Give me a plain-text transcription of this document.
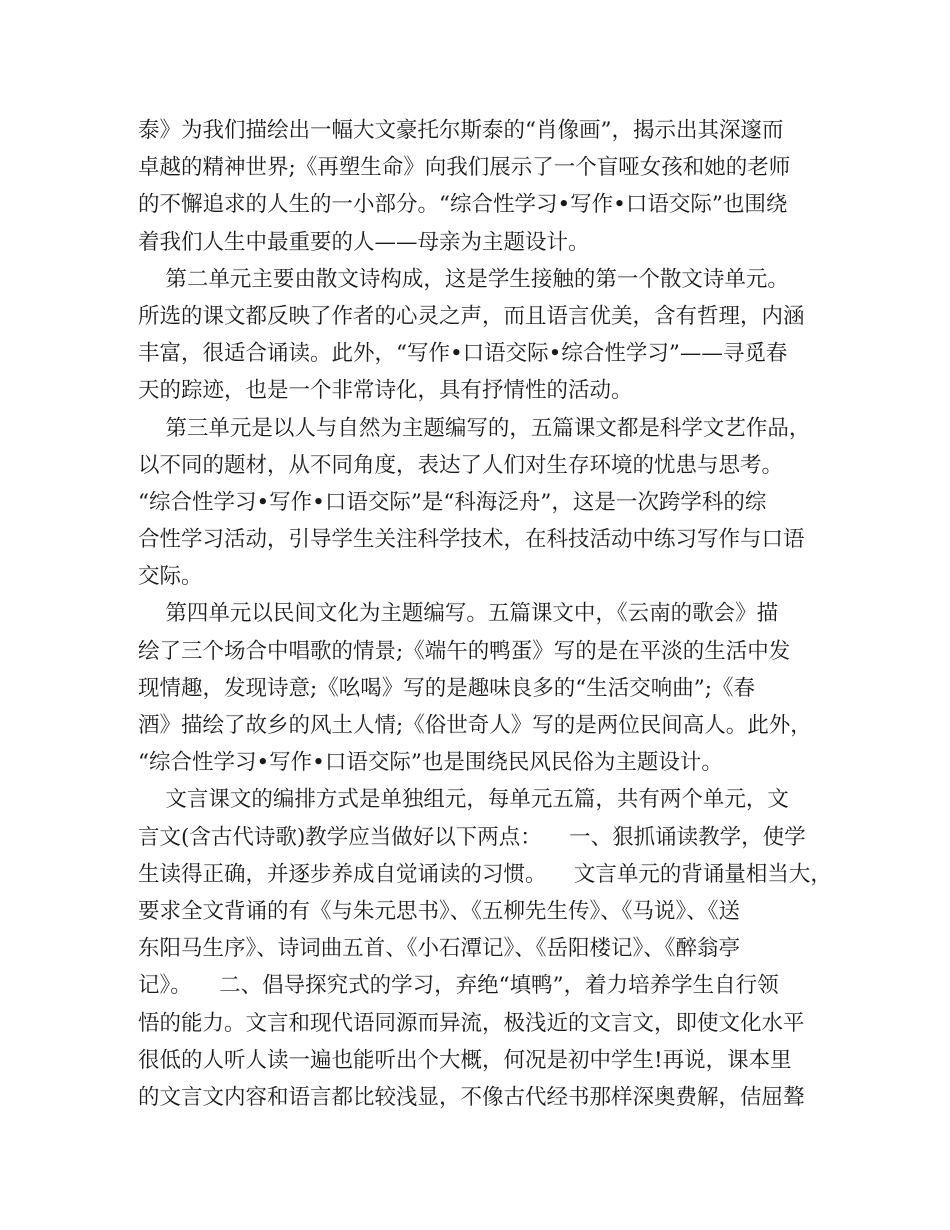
泰》为我们描绘出一幅大文豪托尔斯泰的“肖像画”，揭示出其深邃而
卓越的精神世界;《再塑生命》向我们展示了一个盲哑女孩和她的老师
的不懈追求的人生的一小部分。“综合性学习•写作•口语交际”也围绕
着我们人生中最重要的人——母亲为主题设计。
第二单元主要由散文诗构成，这是学生接触的第一个散文诗单元。
所选的课文都反映了作者的心灵之声，而且语言优美，含有哲理，内涵
丰富，很适合诵读。此外，“写作•口语交际•综合性学习”——寻觅春
天的踪迹，也是一个非常诗化，具有抒情性的活动。
第三单元是以人与自然为主题编写的，五篇课文都是科学文艺作品，
以不同的题材，从不同角度，表达了人们对生存环境的忧患与思考。
“综合性学习•写作•口语交际”是“科海泛舟”，这是一次跨学科的综
合性学习活动，引导学生关注科学技术，在科技活动中练习写作与口语
交际。
第四单元以民间文化为主题编写。五篇课文中，《云南的歌会》描
绘了三个场合中唱歌的情景;《端午的鸭蛋》写的是在平淡的生活中发
现情趣，发现诗意;《吆喝》写的是趣味良多的“生活交响曲”;《春
酒》描绘了故乡的风土人情;《俗世奇人》写的是两位民间高人。此外，
“综合性学习•写作•口语交际”也是围绕民风民俗为主题设计。
文言课文的编排方式是单独组元，每单元五篇，共有两个单元，文
言文(含古代诗歌)教学应当做好以下两点：    一、狠抓诵读教学，使学
生读得正确，并逐步养成自觉诵读的习惯。    文言单元的背诵量相当大，
要求全文背诵的有《与朱元思书》、《五柳先生传》、《马说》、《送
东阳马生序》、诗词曲五首、《小石潭记》、《岳阳楼记》、《醉翁亭
记》。    二、倡导探究式的学习，弃绝“填鸭”，着力培养学生自行领
悟的能力。文言和现代语同源而异流，极浅近的文言文，即使文化水平
很低的人听人读一遍也能听出个大概，何况是初中学生!再说，课本里
的文言文内容和语言都比较浅显，不像古代经书那样深奥费解，佶屈聱
